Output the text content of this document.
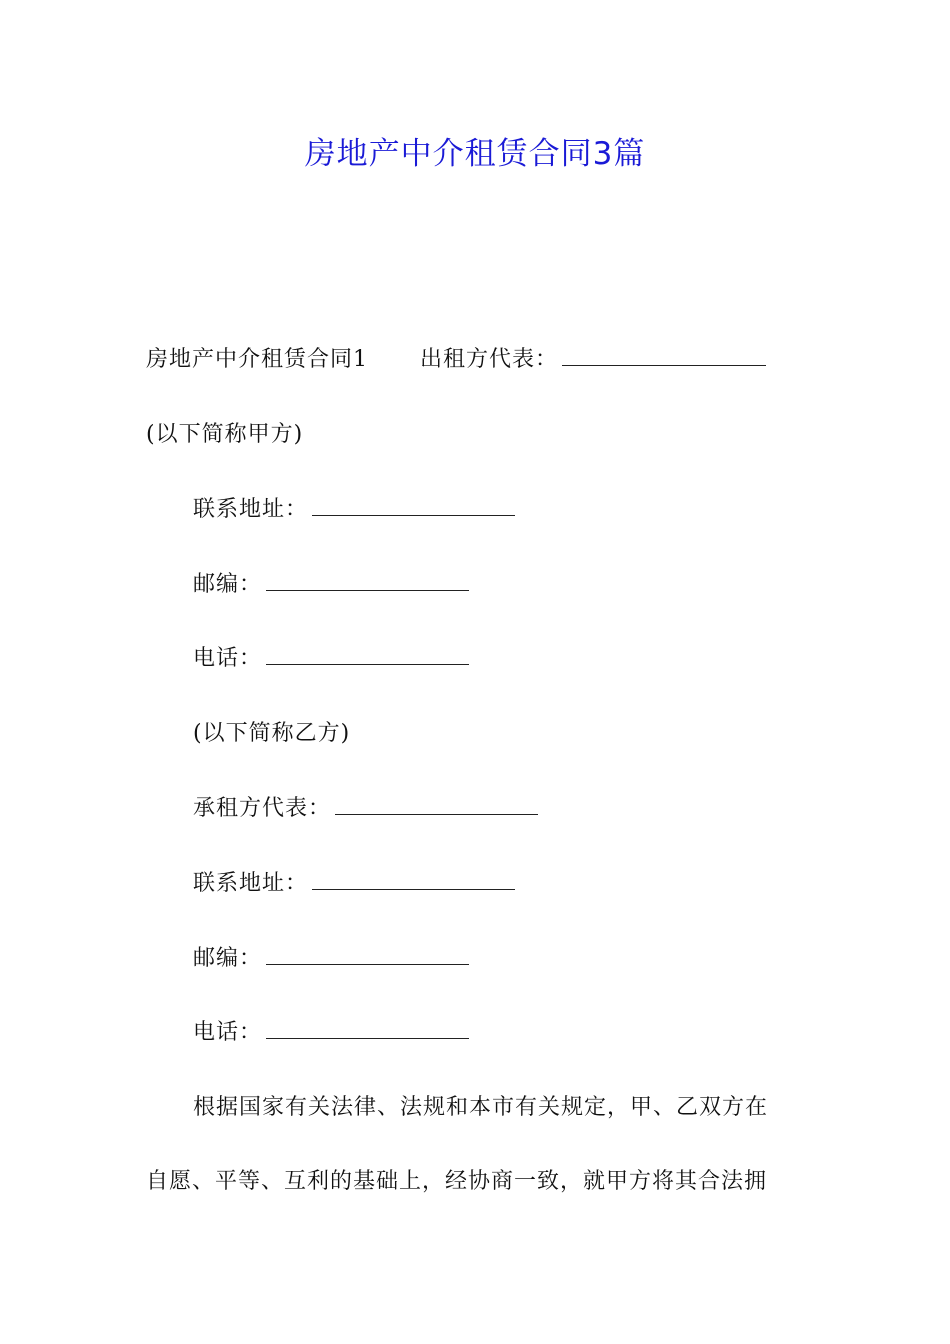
房地产中介租赁合同3篇
房地产中介租赁合同1 出租方代表：
(以下简称甲方)
联系地址：
邮编：
电话：
(以下简称乙方)
承租方代表：
联系地址：
邮编：
电话：
根据国家有关法律、法规和本市有关规定，甲、乙双方在
自愿、平等、互利的基础上，经协商一致，就甲方将其合法拥
